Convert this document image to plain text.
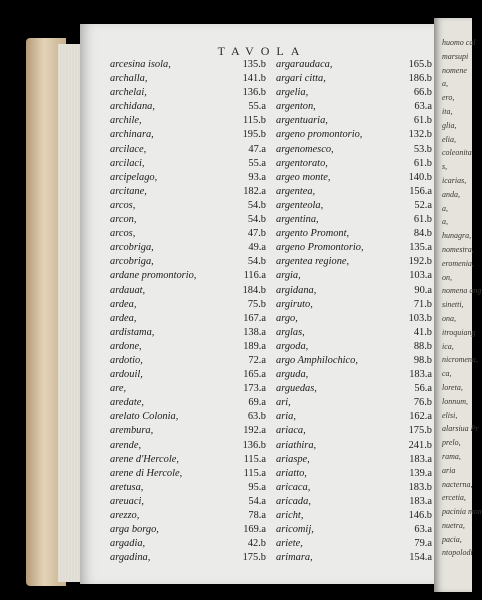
TAVOLA
arcesina isola,	135.b
archalla,	141.b
archelai,	136.b
archidana,	55.a
archile,	115.b
archinara,	195.b
arcilace,	47.a
arcilaci,	55.a
arcipelago,	93.a
arcitane,	182.a
arcos,	54.b
arcon,	54.b
arcos,	47.b
arcobriga,	49.a
arcobriga,	54.b
ardane promontorio,	116.a
ardauat,	184.b
ardea,	75.b
ardea,	167.a
ardistama,	138.a
ardone,	189.a
ardotio,	72.a
ardouil,	165.a
are,	173.a
aredate,	69.a
arelato Colonia,	63.b
arembura,	192.a
arende,	136.b
arene d'Hercole,	115.a
arene di Hercole,	115.a
aretusa,	95.a
areuaci,	54.a
arezzo,	78.a
arga borgo,	169.a
argadia,	42.b
argadina,	175.b
argaraudaca,	165.b
argari citta,	186.b
argelia,	66.b
argenton,	63.a
argentuaria,	61.b
argeno promontorio,	132.b
argenomesco,	53.b
argentorato,	61.b
argeo monte,	140.b
argentea,	156.a
argenteola,	52.a
argentina,	61.b
argento Promont,	84.b
argeno Promontorio,	135.a
argentea regione,	192.b
argia,	103.a
argidana,	90.a
argiruto,	71.b
argo,	103.b
arglas,	41.b
argoda,	88.b
argo Amphilochico,	98.b
arguda,	183.a
arguedas,	56.a
ari,	76.b
aria,	162.a
ariaca,	175.b
ariathira,	241.b
ariaspe,	183.a
ariatto,	139.a
aricaca,	183.b
aricada,	183.a
aricht,	146.b
aricomij,	63.a
ariete,	79.a
arimara,	154.a
huomo cal
marsupi
nomene
a,
ero,
ita,
glia,
elia,
coleonita
s,
icarias,
anda,
a,
a,
hunagra,
nomestra,
eromenia,
on,
nomena ang
sinetti,
ona,
itroquiang
ica,
nicromena,
ca,
loreta,
lonnum,
elisi,
alarsiua Pr
prelo,
rama,
aria
nacterna,
ercetia,
pacinia mon
nuetra,
pacia,
ntopolodi
